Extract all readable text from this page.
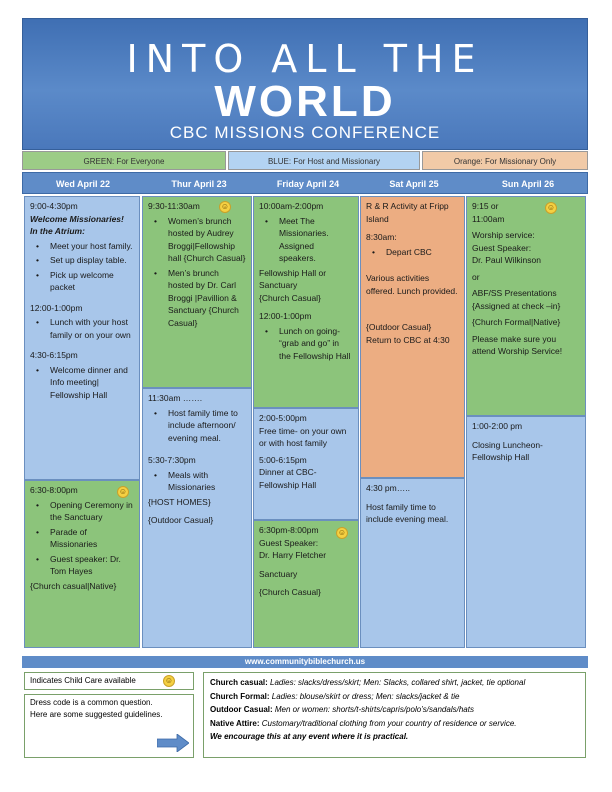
INTO ALL THE
WORLD
CBC MISSIONS CONFERENCE
GREEN: For Everyone	BLUE: For Host and Missionary	Orange: For Missionary Only
Wed April 22	Thur April 23	Friday April 24	Sat April 25	Sun April 26

9:00-4:30pm

Welcome Missionaries!

In the Atrium:

• Meet your host family.
• Set up display table.
• Pick up welcome packet

12:00-1:00pm

• Lunch with your host family or on your own

4:30-6:15pm

• Welcome dinner and Info meeting| Fellowship Hall

6:30-8:00pm

• Opening Ceremony in the Sanctuary
• Parade of Missionaries
• Guest speaker: Dr. Tom Hayes

{Church casual|Native}

☺

9:30-11:30am

• Women’s brunch hosted by Audrey Broggi|Fellowship hall {Church Casual}
• Men’s brunch hosted by Dr. Carl Broggi |Pavillion & Sanctuary {Church Casual}
☺

11:30am …….

• Host family time to include afternoon/ evening meal.

5:30-7:30pm

• Meals with Missionaries

{HOST HOMES}

{Outdoor Casual}

10:00am-2:00pm

• Meet The Missionaries. Assigned speakers.

Fellowship Hall or Sanctuary

{Church Casual}

12:00-1:00pm

• Lunch on going- “grab and go” in the Fellowship Hall

2:00-5:00pm

Free time- on your own or with host family

5:00-6:15pm

Dinner at CBC- Fellowship Hall

6:30pm-8:00pm

Guest Speaker:

Dr. Harry Fletcher

Sanctuary

{Church Casual}

☺

R & R Activity at Fripp Island

8:30am:

• Depart CBC

Various activities offered. Lunch provided.

{Outdoor Casual}

Return to CBC at 4:30

4:30 pm…..

Host family time to include evening meal.

9:15 or

11:00am

Worship service:

Guest Speaker:

Dr. Paul Wilkinson

or

ABF/SS Presentations {Assigned at check –in}

{Church Formal|Native}

Please make sure you attend Worship Service!

☺

1:00-2:00 pm

Closing Luncheon- Fellowship Hall

www.communitybiblechurch.us
Indicates Child Care available	☺

Dress code is a common question.

Here are some suggested guidelines.

Church casual: Ladies: slacks/dress/skirt; Men: Slacks, collared shirt, jacket, tie optional

Church Formal: Ladies: blouse/skirt or dress; Men: slacks/jacket & tie

Outdoor Casual: Men or women: shorts/t-shirts/capris/polo’s/sandals/hats

Native Attire: Customary/traditional clothing from your country of residence or service.

We encourage this at any event where it is practical.
